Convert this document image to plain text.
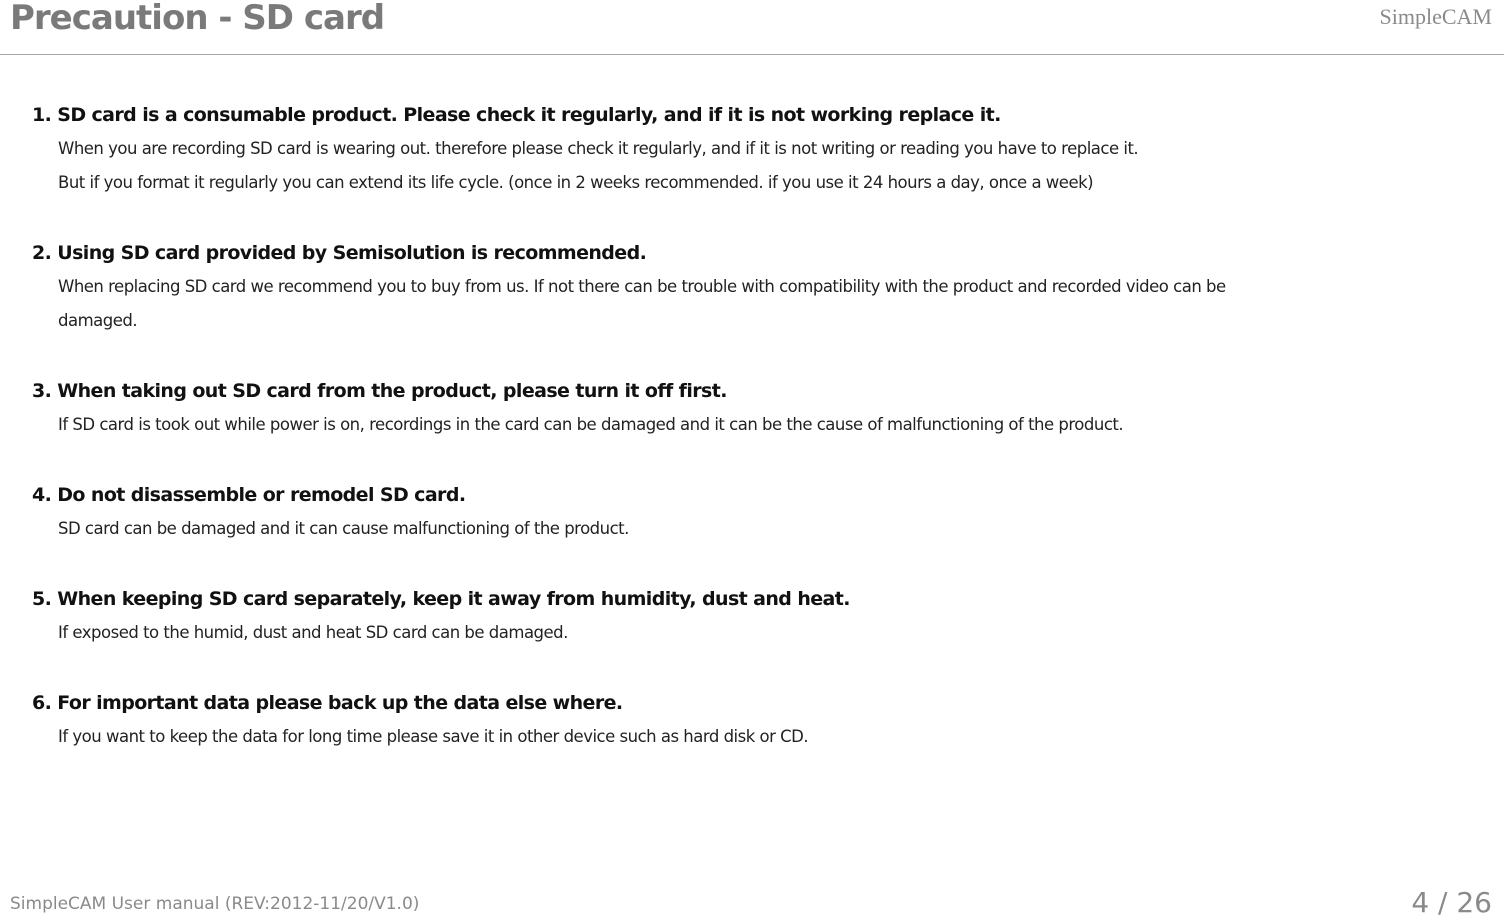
Precaution - SD card	SimpleCAM
1. SD card is a consumable product. Please check it regularly, and if it is not working replace it.
When you are recording SD card is wearing out. therefore please check it regularly, and if it is not writing or reading you have to replace it.
But if you format it regularly you can extend its life cycle. (once in 2 weeks recommended. if you use it 24 hours a day, once a week)
2. Using SD card provided by Semisolution is recommended.
When replacing SD card we recommend you to buy from us. If not there can be trouble with compatibility with the product and recorded video can be
damaged.
3. When taking out SD card from the product, please turn it off first.
If SD card is took out while power is on, recordings in the card can be damaged and it can be the cause of malfunctioning of the product.
4. Do not disassemble or remodel SD card.
SD card can be damaged and it can cause malfunctioning of the product.
5. When keeping SD card separately, keep it away from humidity, dust and heat.
If exposed to the humid, dust and heat SD card can be damaged.
6. For important data please back up the data else where.
If you want to keep the data for long time please save it in other device such as hard disk or CD.
SimpleCAM User manual (REV:2012-11/20/V1.0)	4 / 26
